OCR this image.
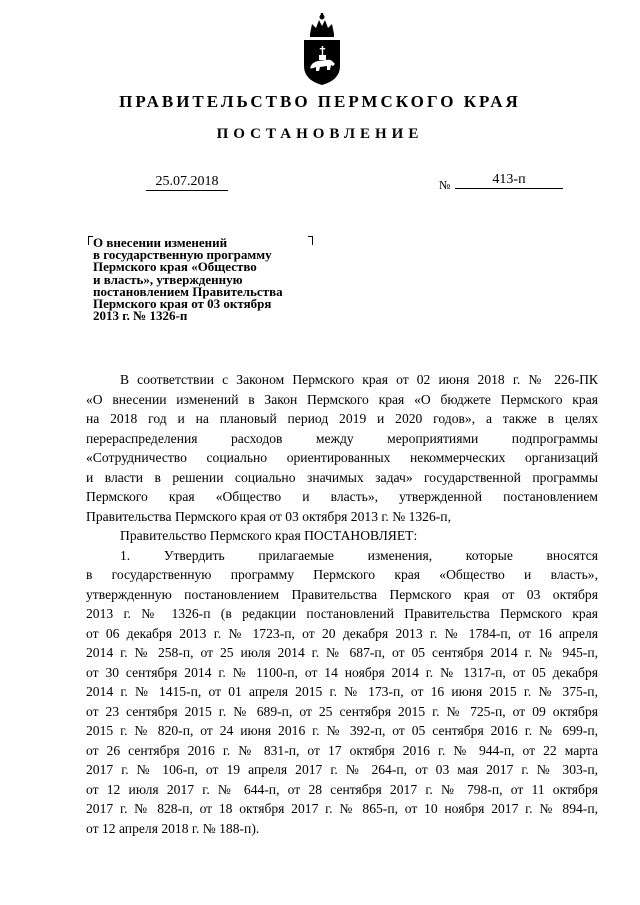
ПРАВИТЕЛЬСТВО ПЕРМСКОГО КРАЯ
ПОСТАНОВЛЕНИЕ
25.07.2018	№	413-п
О внесении изменений
в государственную программу
Пермского края «Общество
и власть», утвержденную
постановлением Правительства
Пермского края от 03 октября
2013 г. № 1326-п
В соответствии с Законом Пермского края от 02 июня 2018 г. № 226-ПК
«О внесении изменений в Закон Пермского края «О бюджете Пермского края
на 2018 год и на плановый период 2019 и 2020 годов», а также в целях
перераспределения расходов между мероприятиями подпрограммы
«Сотрудничество социально ориентированных некоммерческих организаций
и власти в решении социально значимых задач» государственной программы
Пермского края «Общество и власть», утвержденной постановлением
Правительства Пермского края от 03 октября 2013 г. № 1326-п,
Правительство Пермского края ПОСТАНОВЛЯЕТ:
1. Утвердить прилагаемые изменения, которые вносятся
в государственную программу Пермского края «Общество и власть»,
утвержденную постановлением Правительства Пермского края от 03 октября
2013 г. № 1326-п (в редакции постановлений Правительства Пермского края
от 06 декабря 2013 г. № 1723-п, от 20 декабря 2013 г. № 1784-п, от 16 апреля
2014 г. № 258-п, от 25 июля 2014 г. № 687-п, от 05 сентября 2014 г. № 945-п,
от 30 сентября 2014 г. № 1100-п, от 14 ноября 2014 г. № 1317-п, от 05 декабря
2014 г. № 1415-п, от 01 апреля 2015 г. № 173-п, от 16 июня 2015 г. № 375-п,
от 23 сентября 2015 г. № 689-п, от 25 сентября 2015 г. № 725-п, от 09 октября
2015 г. № 820-п, от 24 июня 2016 г. № 392-п, от 05 сентября 2016 г. № 699-п,
от 26 сентября 2016 г. № 831-п, от 17 октября 2016 г. № 944-п, от 22 марта
2017 г. № 106-п, от 19 апреля 2017 г. № 264-п, от 03 мая 2017 г. № 303-п,
от 12 июля 2017 г. № 644-п, от 28 сентября 2017 г. № 798-п, от 11 октября
2017 г. № 828-п, от 18 октября 2017 г. № 865-п, от 10 ноября 2017 г. № 894-п,
от 12 апреля 2018 г. № 188-п).
